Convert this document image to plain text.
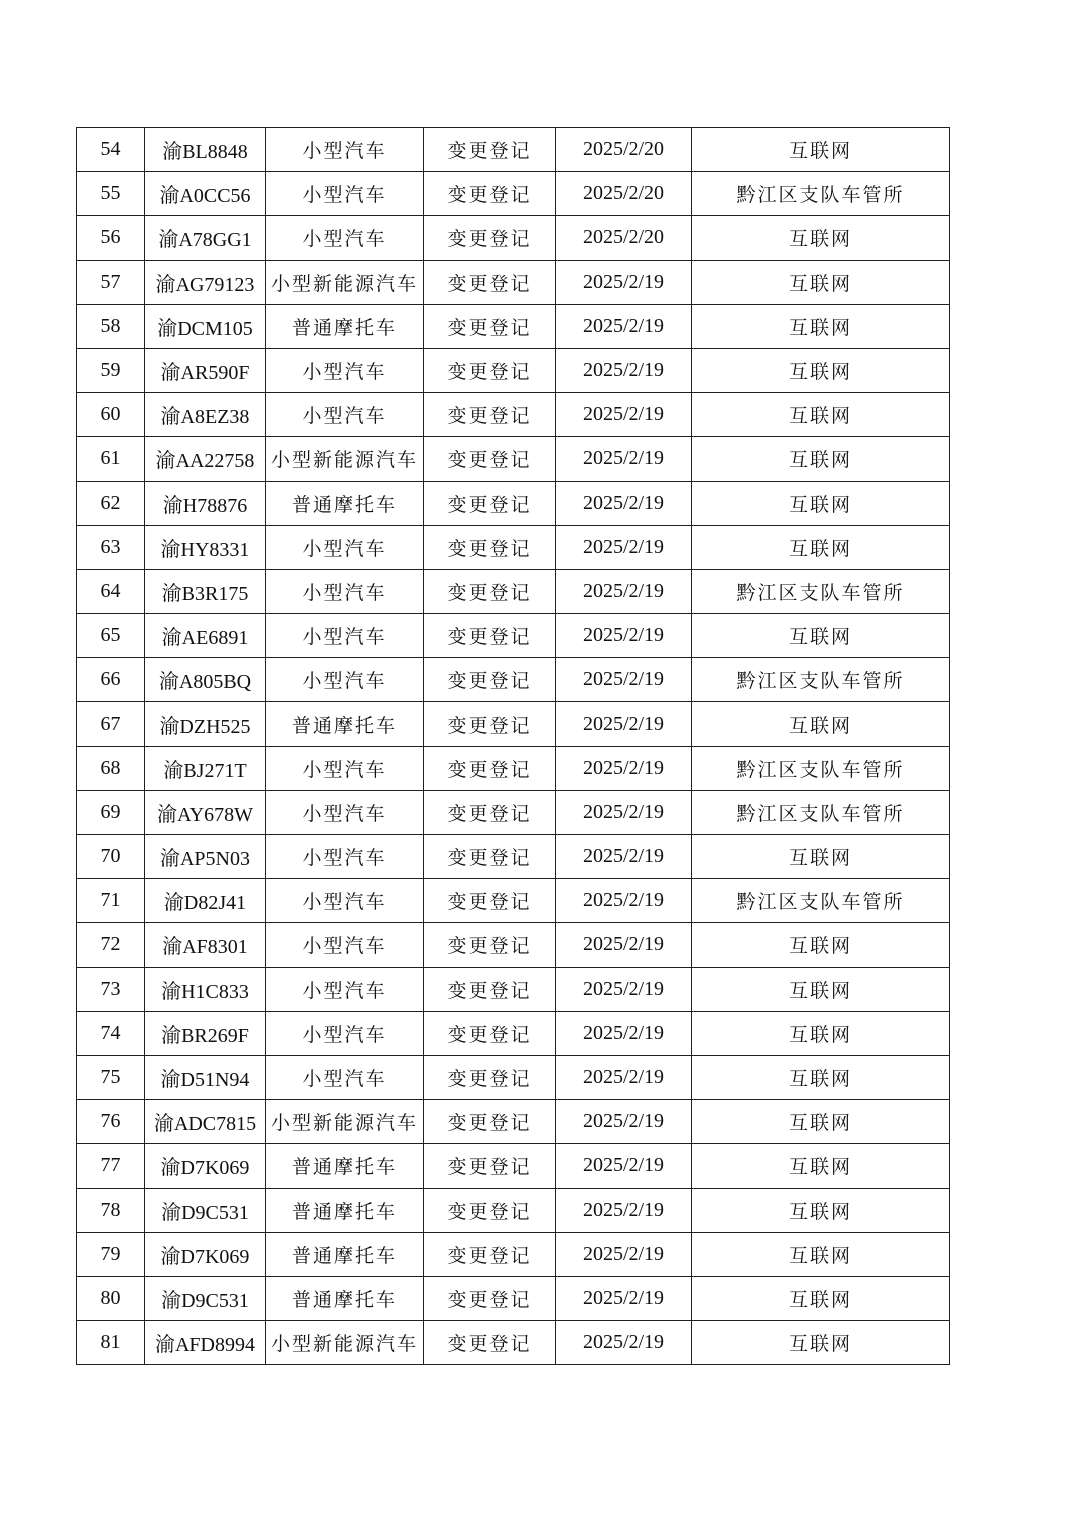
54	渝BL8848	小型汽车	变更登记	2025/2/20	互联网
55	渝A0CC56	小型汽车	变更登记	2025/2/20	黔江区支队车管所
56	渝A78GG1	小型汽车	变更登记	2025/2/20	互联网
57	渝AG79123	小型新能源汽车	变更登记	2025/2/19	互联网
58	渝DCM105	普通摩托车	变更登记	2025/2/19	互联网
59	渝AR590F	小型汽车	变更登记	2025/2/19	互联网
60	渝A8EZ38	小型汽车	变更登记	2025/2/19	互联网
61	渝AA22758	小型新能源汽车	变更登记	2025/2/19	互联网
62	渝H78876	普通摩托车	变更登记	2025/2/19	互联网
63	渝HY8331	小型汽车	变更登记	2025/2/19	互联网
64	渝B3R175	小型汽车	变更登记	2025/2/19	黔江区支队车管所
65	渝AE6891	小型汽车	变更登记	2025/2/19	互联网
66	渝A805BQ	小型汽车	变更登记	2025/2/19	黔江区支队车管所
67	渝DZH525	普通摩托车	变更登记	2025/2/19	互联网
68	渝BJ271T	小型汽车	变更登记	2025/2/19	黔江区支队车管所
69	渝AY678W	小型汽车	变更登记	2025/2/19	黔江区支队车管所
70	渝AP5N03	小型汽车	变更登记	2025/2/19	互联网
71	渝D82J41	小型汽车	变更登记	2025/2/19	黔江区支队车管所
72	渝AF8301	小型汽车	变更登记	2025/2/19	互联网
73	渝H1C833	小型汽车	变更登记	2025/2/19	互联网
74	渝BR269F	小型汽车	变更登记	2025/2/19	互联网
75	渝D51N94	小型汽车	变更登记	2025/2/19	互联网
76	渝ADC7815	小型新能源汽车	变更登记	2025/2/19	互联网
77	渝D7K069	普通摩托车	变更登记	2025/2/19	互联网
78	渝D9C531	普通摩托车	变更登记	2025/2/19	互联网
79	渝D7K069	普通摩托车	变更登记	2025/2/19	互联网
80	渝D9C531	普通摩托车	变更登记	2025/2/19	互联网
81	渝AFD8994	小型新能源汽车	变更登记	2025/2/19	互联网
